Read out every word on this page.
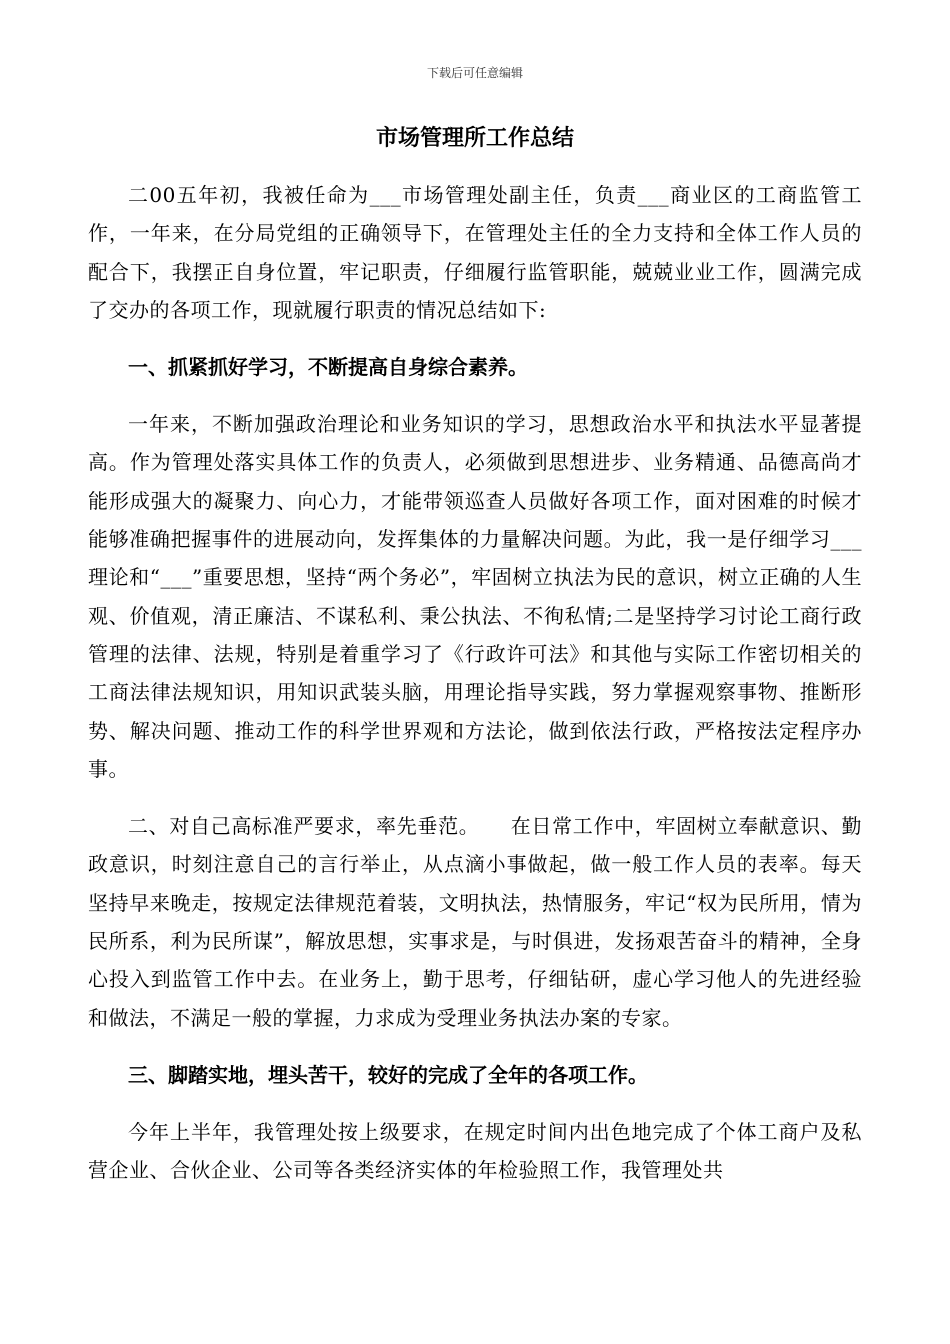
下载后可任意编辑
市场管理所工作总结

二00五年初，我被任命为___市场管理处副主任，负责___商业区的工商监管工作，一年来，在分局党组的正确领导下，在管理处主任的全力支持和全体工作人员的配合下，我摆正自身位置，牢记职责，仔细履行监管职能，兢兢业业工作，圆满完成了交办的各项工作，现就履行职责的情况总结如下:

一、抓紧抓好学习，不断提高自身综合素养。

一年来，不断加强政治理论和业务知识的学习，思想政治水平和执法水平显著提高。作为管理处落实具体工作的负责人，必须做到思想进步、业务精通、品德高尚才能形成强大的凝聚力、向心力，才能带领巡查人员做好各项工作，面对困难的时候才能够准确把握事件的进展动向，发挥集体的力量解决问题。为此，我一是仔细学习___理论和“___”重要思想，坚持“两个务必”，牢固树立执法为民的意识，树立正确的人生观、价值观，清正廉洁、不谋私利、秉公执法、不徇私情;二是坚持学习讨论工商行政管理的法律、法规，特别是着重学习了《行政许可法》和其他与实际工作密切相关的工商法律法规知识，用知识武装头脑，用理论指导实践，努力掌握观察事物、推断形势、解决问题、推动工作的科学世界观和方法论，做到依法行政，严格按法定程序办事。

二、对自己高标准严要求，率先垂范。　　在日常工作中，牢固树立奉献意识、勤政意识，时刻注意自己的言行举止，从点滴小事做起，做一般工作人员的表率。每天坚持早来晚走，按规定法律规范着装，文明执法，热情服务，牢记“权为民所用，情为民所系，利为民所谋”，解放思想，实事求是，与时俱进，发扬艰苦奋斗的精神，全身心投入到监管工作中去。在业务上，勤于思考，仔细钻研，虚心学习他人的先进经验和做法，不满足一般的掌握，力求成为受理业务执法办案的专家。

三、脚踏实地，埋头苦干，较好的完成了全年的各项工作。

今年上半年，我管理处按上级要求，在规定时间内出色地完成了个体工商户及私营企业、合伙企业、公司等各类经济实体的年检验照工作，我管理处共
